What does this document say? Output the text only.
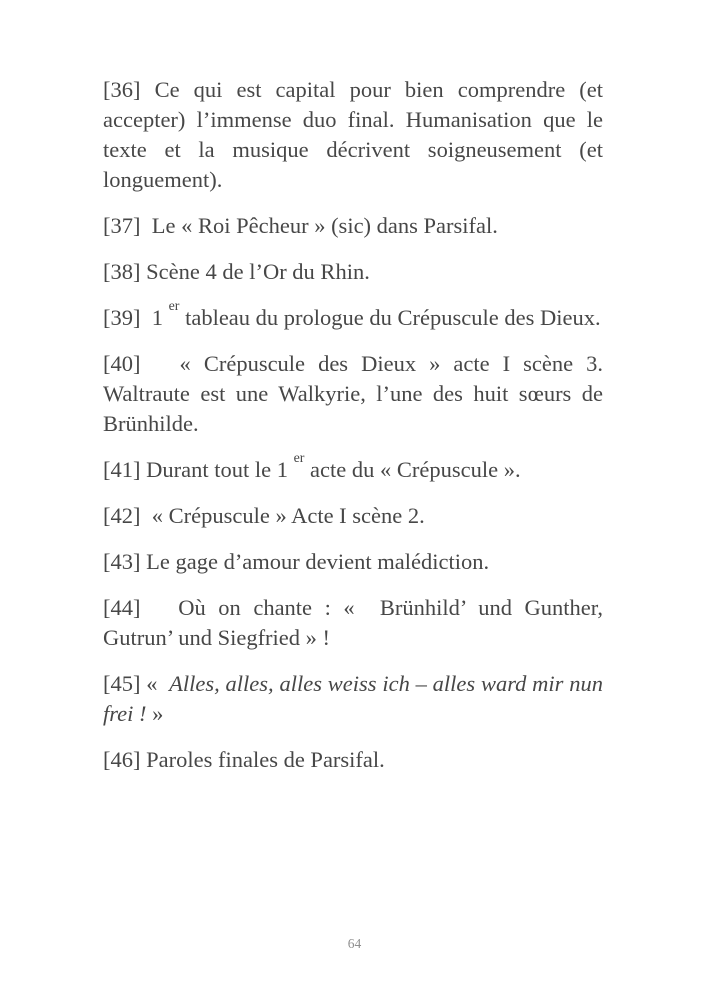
[36] Ce qui est capital pour bien comprendre (et accepter) l’immense duo final. Humanisation que le texte et la musique décrivent soigneusement (et longuement).

[37]  Le « Roi Pêcheur » (sic) dans Parsifal.

[38] Scène 4 de l’Or du Rhin.

[39]  1 $^{er}$ tableau du prologue du Crépuscule des Dieux.

[40]   « Crépuscule des Dieux » acte I scène 3. Waltraute est une Walkyrie, l’une des huit sœurs de Brünhilde.

[41] Durant tout le 1 $^{er}$ acte du « Crépuscule ».

[42]  « Crépuscule » Acte I scène 2.

[43] Le gage d’amour devient malédiction.

[44]   Où on chante : «  Brünhild’ und Gunther, Gutrun’ und Siegfried » !

[45] «  Alles, alles, alles weiss ich – alles ward mir nun frei ! »

[46] Paroles finales de Parsifal.

64
